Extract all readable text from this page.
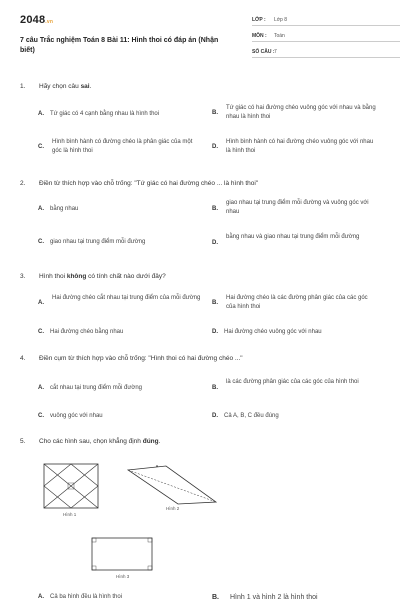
2048.vn
7 câu Trắc nghiệm Toán 8 Bài 11: Hình thoi có đáp án (Nhận biết)
LỚP : Lớp 8
MÔN : Toán
SỐ CÂU : 7
1. Hãy chọn câu sai.
A. Tứ giác có 4 cạnh bằng nhau là hình thoi	B.
Tứ giác có hai đường chéo vuông góc với nhau và bằng nhau là hình thoi
C.
Hình bình hành có đường chéo là phân giác của một góc là hình thoi
D.
Hình bình hành có hai đường chéo vuông góc với nhau là hình thoi
2. Điền từ thích hợp vào chỗ trống: "Tứ giác có hai đường chéo ... là hình thoi"
A. bằng nhau	B.
giao nhau tại trung điểm mỗi đường và vuông góc với nhau
C. giao nhau tại trung điểm mỗi đường	D.
bằng nhau và giao nhau tại trung điểm mỗi đường
3. Hình thoi không có tính chất nào dưới đây?
A.
Hai đường chéo cắt nhau tại trung điểm của mỗi đường
B.
Hai đường chéo là các đường phân giác của các góc của hình thoi
C. Hai đường chéo bằng nhau	D. Hai đường chéo vuông góc với nhau
4. Điền cụm từ thích hợp vào chỗ trống: "Hình thoi có hai đường chéo ..."
A. cắt nhau tại trung điểm mỗi đường	B.
là các đường phân giác của các góc của hình thoi
C. vuông góc với nhau	D. Cả A, B, C đều đúng
5. Cho các hình sau, chọn khẳng định đúng.
Hình 1
Hình 2
Hình 3
A. Cả ba hình đều là hình thoi	B. Hình 1 và hình 2 là hình thoi
